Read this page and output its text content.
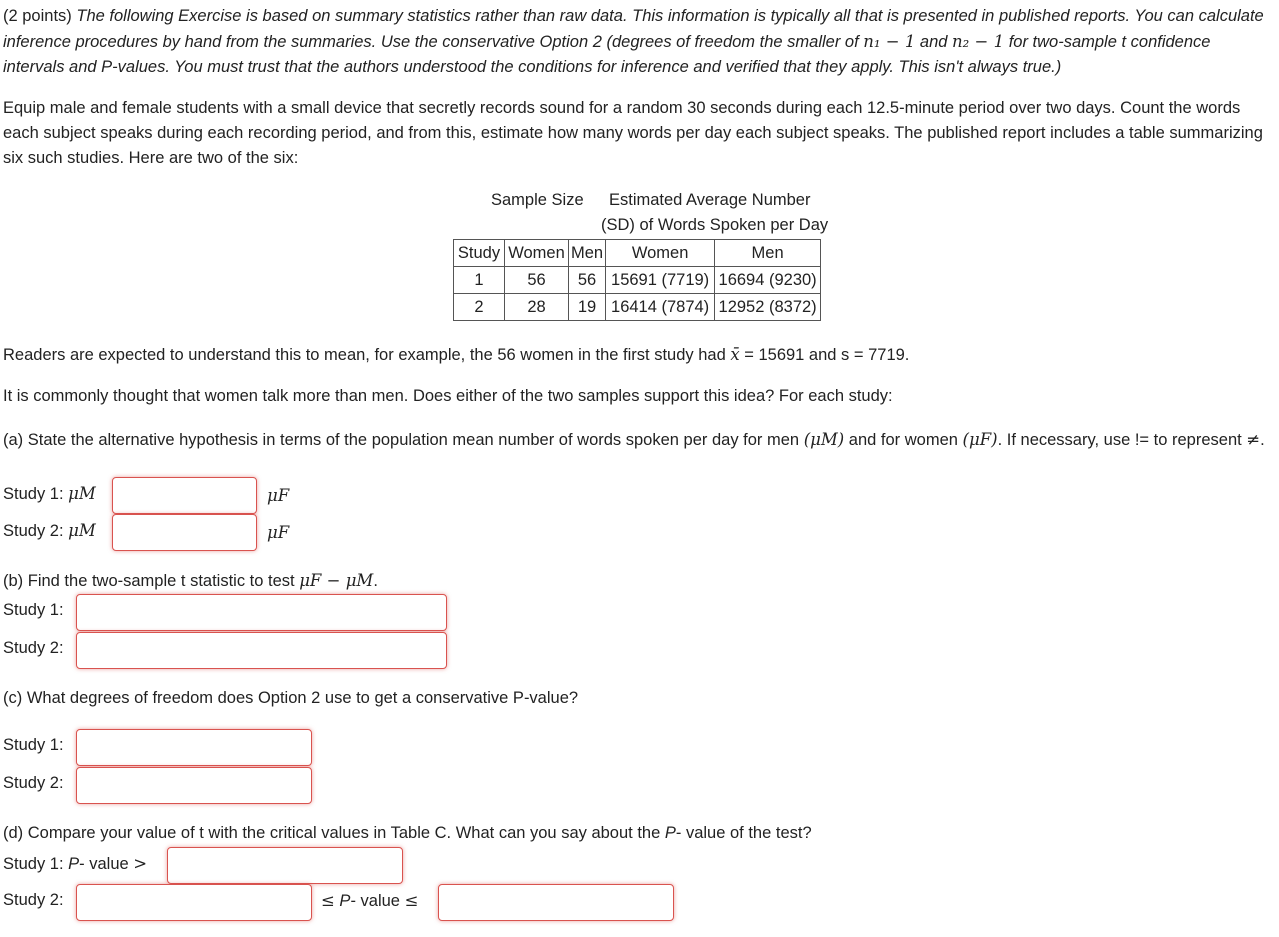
(2 points) The following Exercise is based on summary statistics rather than raw data. This information is typically all that is presented in published reports. You can calculate inference procedures by hand from the summaries. Use the conservative Option 2 (degrees of freedom the smaller of n₁ − 1 and n₂ − 1 for two-sample t confidence intervals and P-values. You must trust that the authors understood the conditions for inference and verified that they apply. This isn't always true.)

Equip male and female students with a small device that secretly records sound for a random 30 seconds during each 12.5-minute period over two days. Count the words each subject speaks during each recording period, and from this, estimate how many words per day each subject speaks. The published report includes a table summarizing six such studies. Here are two of the six:

Sample Size Estimated Average Number
(SD) of Words Spoken per Day
Study	Women	Men	Women	Men
1	56	56	15691 (7719)	16694 (9230)
2	28	19	16414 (7874)	12952 (8372)

Readers are expected to understand this to mean, for example, the 56 women in the first study had x̄ = 15691 and s = 7719.

It is commonly thought that women talk more than men. Does either of the two samples support this idea? For each study:

(a) State the alternative hypothesis in terms of the population mean number of words spoken per day for men (μM) and for women (μF). If necessary, use != to represent ≠.

Study 1: μM	μF
Study 2: μM	μF
(b) Find the two-sample t statistic to test μF − μM.
Study 1:
Study 2:
(c) What degrees of freedom does Option 2 use to get a conservative P-value?
Study 1:
Study 2:
(d) Compare your value of t with the critical values in Table C. What can you say about the P- value of the test?
Study 1: P- value >
Study 2:	≤ P- value ≤
